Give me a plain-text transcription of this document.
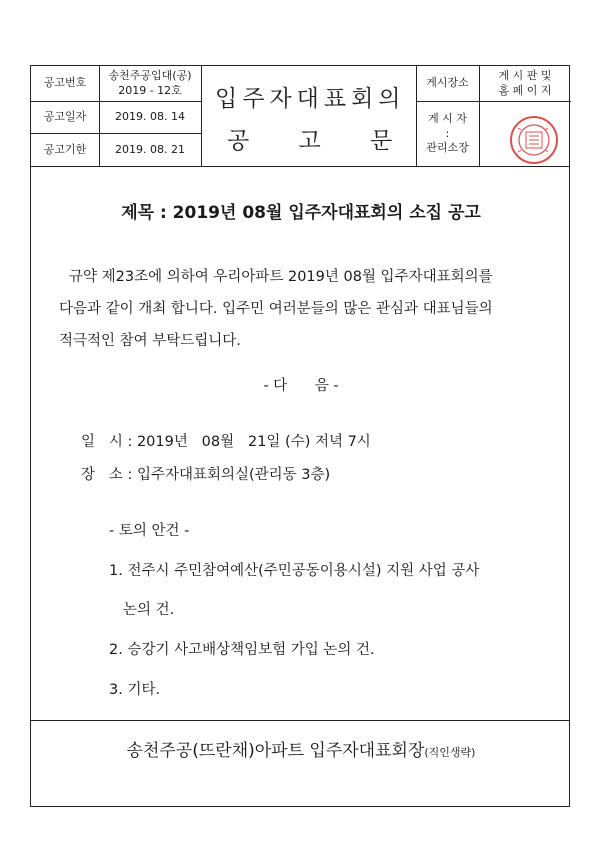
공고번호
공고일자
공고기한
송천주공입대(공)
2019 - 12호
2019. 08. 14
2019. 08. 21
입주자대표회의
공 고 문
게시장소
게 시 판 및
홈 페 이 지
게 시 자
:
관리소장
제목 : 2019년 08월 입주자대표회의 소집 공고
규약 제23조에 의하여 우리아파트 2019년 08월 입주자대표회의를
다음과 같이 개최 합니다. 입주민 여러분들의 많은 관심과 대표님들의
적극적인 참여 부탁드립니다.
- 다      음 -
일   시 : 2019년   08월   21일 (수) 저녁 7시
장   소 : 입주자대표회의실(관리동 3층)
- 토의 안건 -
1. 전주시 주민참여예산(주민공동이용시설) 지원 사업 공사
논의 건.
2. 승강기 사고배상책임보험 가입 논의 건.
3. 기타.
송천주공(뜨란채)아파트 입주자대표회장(직인생략)
